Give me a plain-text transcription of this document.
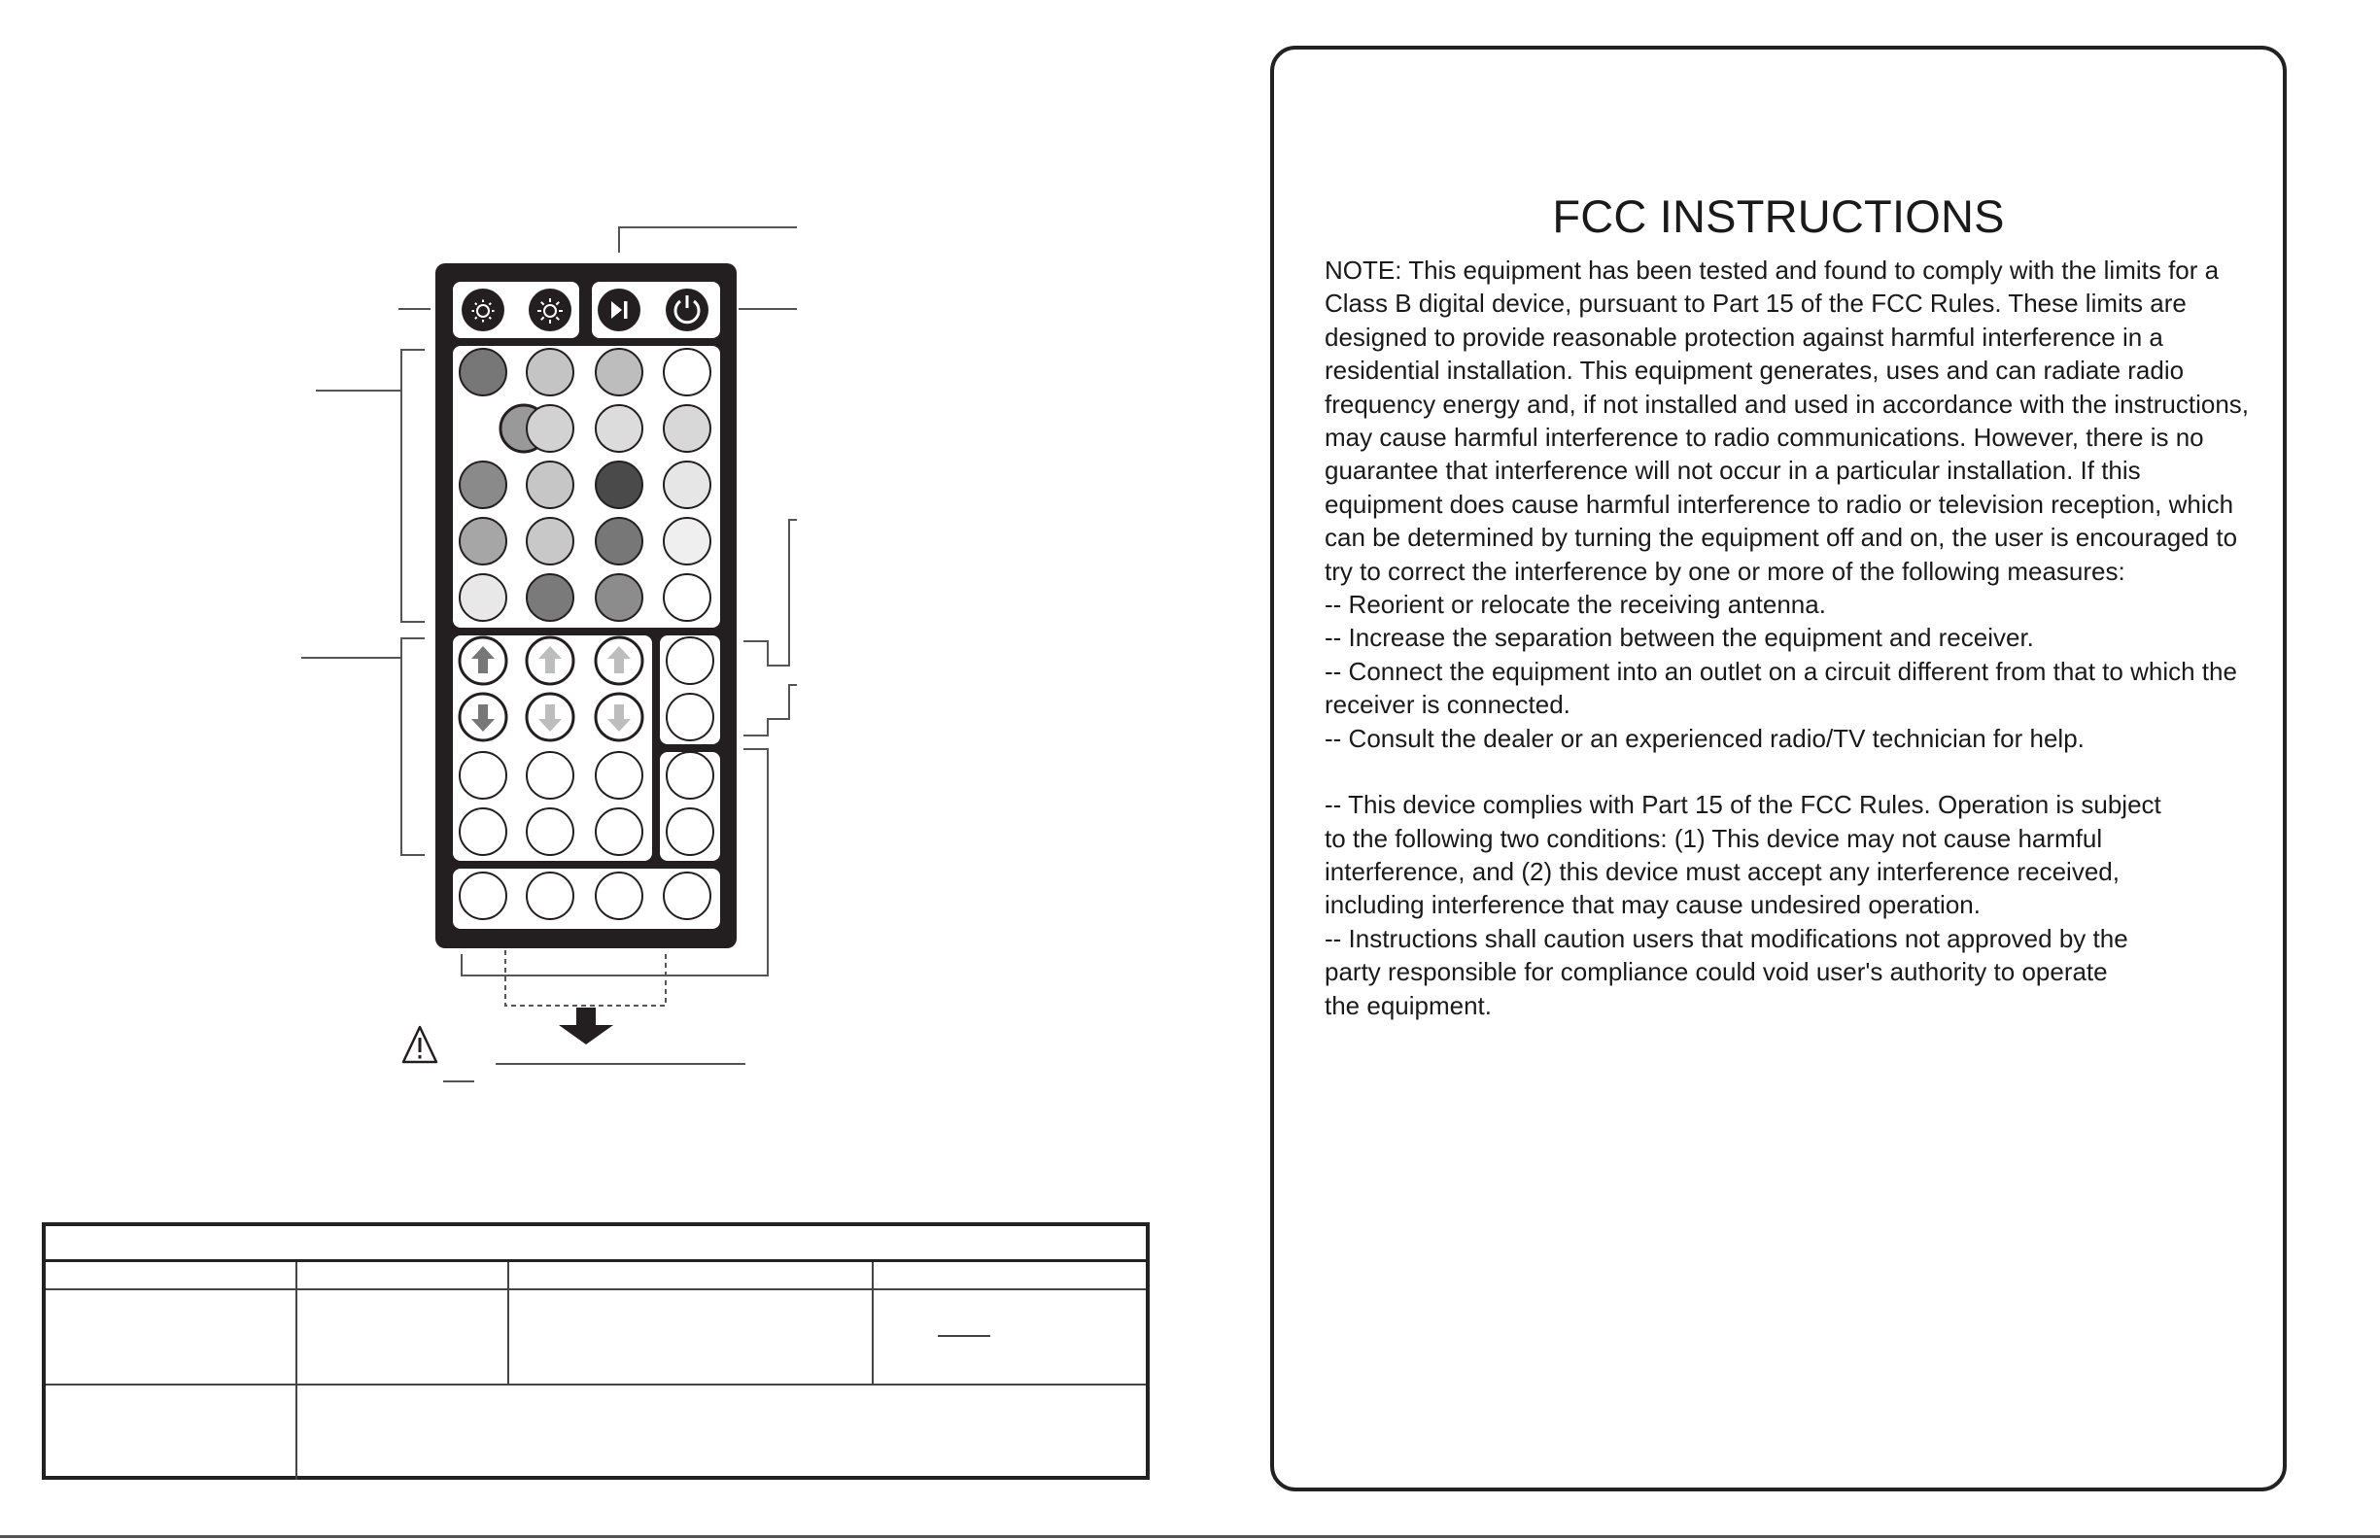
FCC INSTRUCTIONS

NOTE: This equipment has been tested and found to comply with the limits for a

Class B digital device, pursuant to Part 15 of the FCC Rules. These limits are

designed to provide reasonable protection against harmful interference in a

residential installation. This equipment generates, uses and can radiate radio

frequency energy and, if not installed and used in accordance with the instructions,

may cause harmful interference to radio communications. However, there is no

guarantee that interference will not occur in a particular installation. If this

equipment does cause harmful interference to radio or television reception, which

can be determined by turning the equipment off and on, the user is encouraged to

try to correct the interference by one or more of the following measures:

-- Reorient or relocate the receiving antenna.

-- Increase the separation between the equipment and receiver.

-- Connect the equipment into an outlet on a circuit different from that to which the

receiver is connected.

-- Consult the dealer or an experienced radio/TV technician for help.

-- This device complies with Part 15 of the FCC Rules. Operation is subject

to the following two conditions: (1) This device may not cause harmful

interference, and (2) this device must accept any interference received,

including interference that may cause undesired operation.

-- Instructions shall caution users that modifications not approved by the

party responsible for compliance could void user's authority to operate

the equipment.
